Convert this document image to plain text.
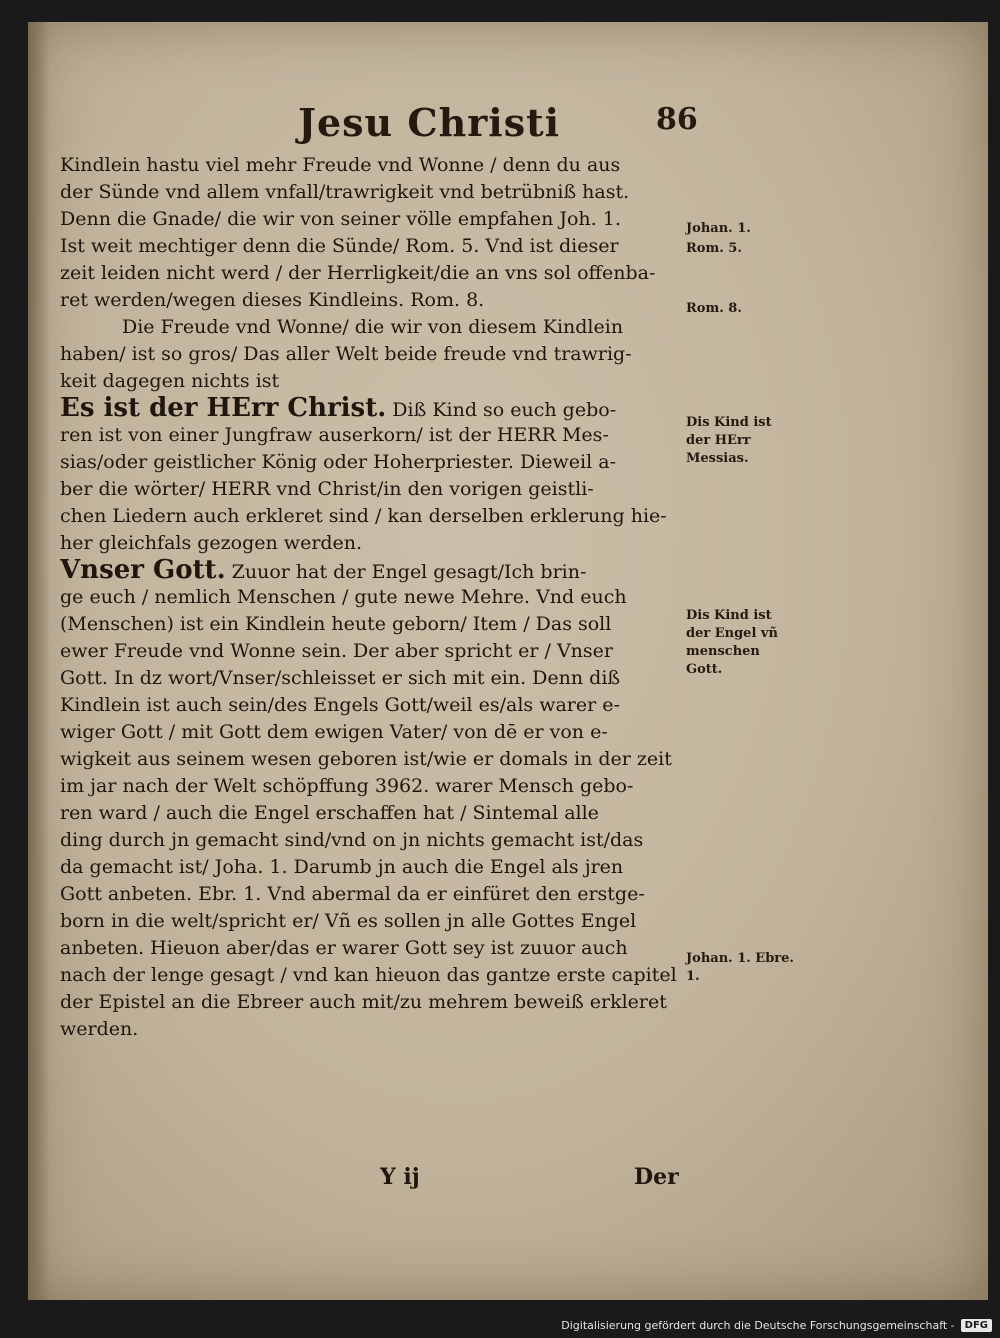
Jesu Christi	86
Kindlein hastu viel mehr Freude vnd Wonne / denn du aus
der Sünde vnd allem vnfall/trawrigkeit vnd betrübniß hast.
Denn die Gnade/ die wir von seiner völle empfahen Joh. 1.
Ist weit mechtiger denn die Sünde/ Rom. 5. Vnd ist dieser
zeit leiden nicht werd / der Herrligkeit/die an vns sol offenba-
ret werden/wegen dieses Kindleins. Rom. 8.
Die Freude vnd Wonne/ die wir von diesem Kindlein
haben/ ist so gros/ Das aller Welt beide freude vnd trawrig-
keit dagegen nichts ist
Es ist der HErr Christ. Diß Kind so euch gebo-
ren ist von einer Jungfraw auserkorn/ ist der HERR Mes-
sias/oder geistlicher König oder Hoherpriester. Dieweil a-
ber die wörter/ HERR vnd Christ/in den vorigen geistli-
chen Liedern auch erkleret sind / kan derselben erklerung hie-
her gleichfals gezogen werden.
Vnser Gott. Zuuor hat der Engel gesagt/Ich brin-
ge euch / nemlich Menschen / gute newe Mehre. Vnd euch
(Menschen) ist ein Kindlein heute geborn/ Item / Das soll
ewer Freude vnd Wonne sein. Der aber spricht er / Vnser
Gott. In dz wort/Vnser/schleisset er sich mit ein. Denn diß
Kindlein ist auch sein/des Engels Gott/weil es/als warer e-
wiger Gott / mit Gott dem ewigen Vater/ von dē er von e-
wigkeit aus seinem wesen geboren ist/wie er domals in der zeit
im jar nach der Welt schöpffung 3962. warer Mensch gebo-
ren ward / auch die Engel erschaffen hat / Sintemal alle
ding durch jn gemacht sind/vnd on jn nichts gemacht ist/das
da gemacht ist/ Joha. 1. Darumb jn auch die Engel als jren
Gott anbeten. Ebr. 1. Vnd abermal da er einfüret den erstge-
born in die welt/spricht er/ Vñ es sollen jn alle Gottes Engel
anbeten. Hieuon aber/das er warer Gott sey ist zuuor auch
nach der lenge gesagt / vnd kan hieuon das gantze erste capitel
der Epistel an die Ebreer auch mit/zu mehrem beweiß erkleret
werden.
Johan. 1.
Rom. 5.
Rom. 8.
Dis Kind ist der HErr Messias.
Dis Kind ist der Engel vñ menschen Gott.
Johan. 1. Ebre. 1.
Y ij	Der
Digitalisierung gefördert durch die Deutsche Forschungsgemeinschaft -	DFG
